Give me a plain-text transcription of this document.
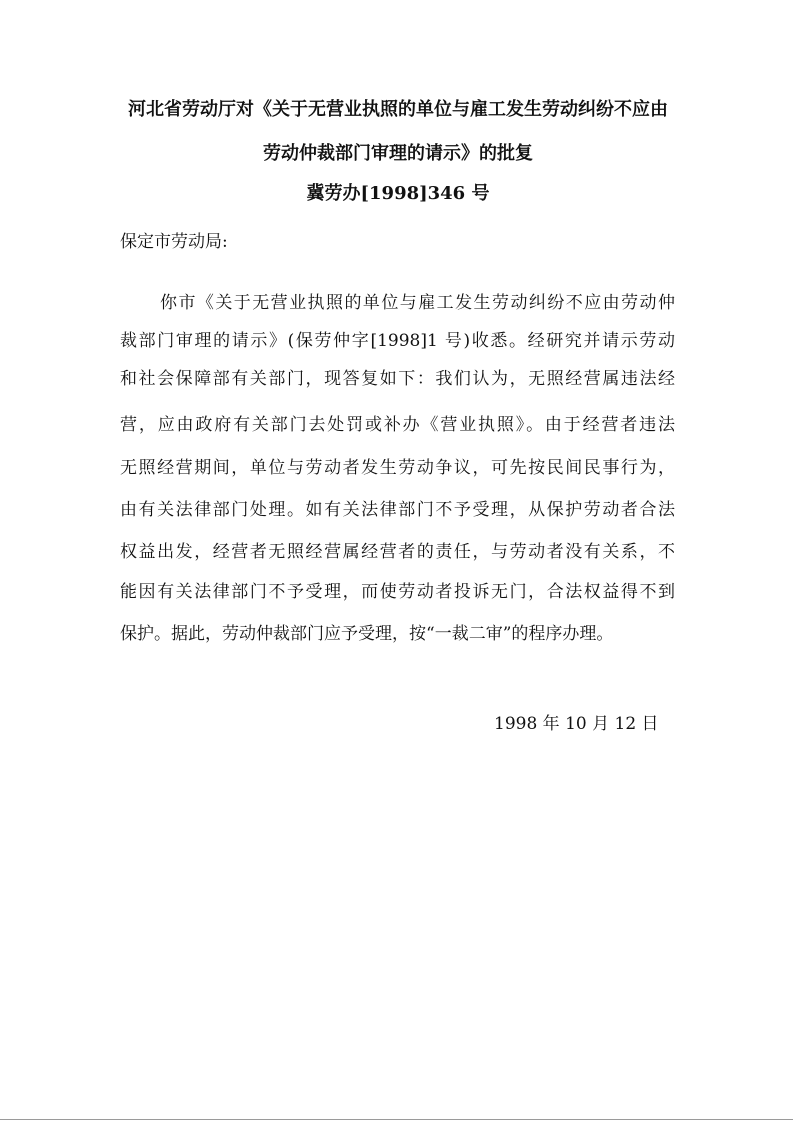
河北省劳动厅对《关于无营业执照的单位与雇工发生劳动纠纷不应由
劳动仲裁部门审理的请示》的批复
冀劳办[1998]346 号
保定市劳动局:
你市《关于无营业执照的单位与雇工发生劳动纠纷不应由劳动仲
裁部门审理的请示》(保劳仲字[1998]1 号)收悉。经研究并请示劳动
和社会保障部有关部门，现答复如下：我们认为，无照经营属违法经
营，应由政府有关部门去处罚或补办《营业执照》。由于经营者违法
无照经营期间，单位与劳动者发生劳动争议，可先按民间民事行为，
由有关法律部门处理。如有关法律部门不予受理，从保护劳动者合法
权益出发，经营者无照经营属经营者的责任，与劳动者没有关系，不
能因有关法律部门不予受理，而使劳动者投诉无门，合法权益得不到
保护。据此，劳动仲裁部门应予受理，按“一裁二审”的程序办理。
1998 年 10 月 12 日
